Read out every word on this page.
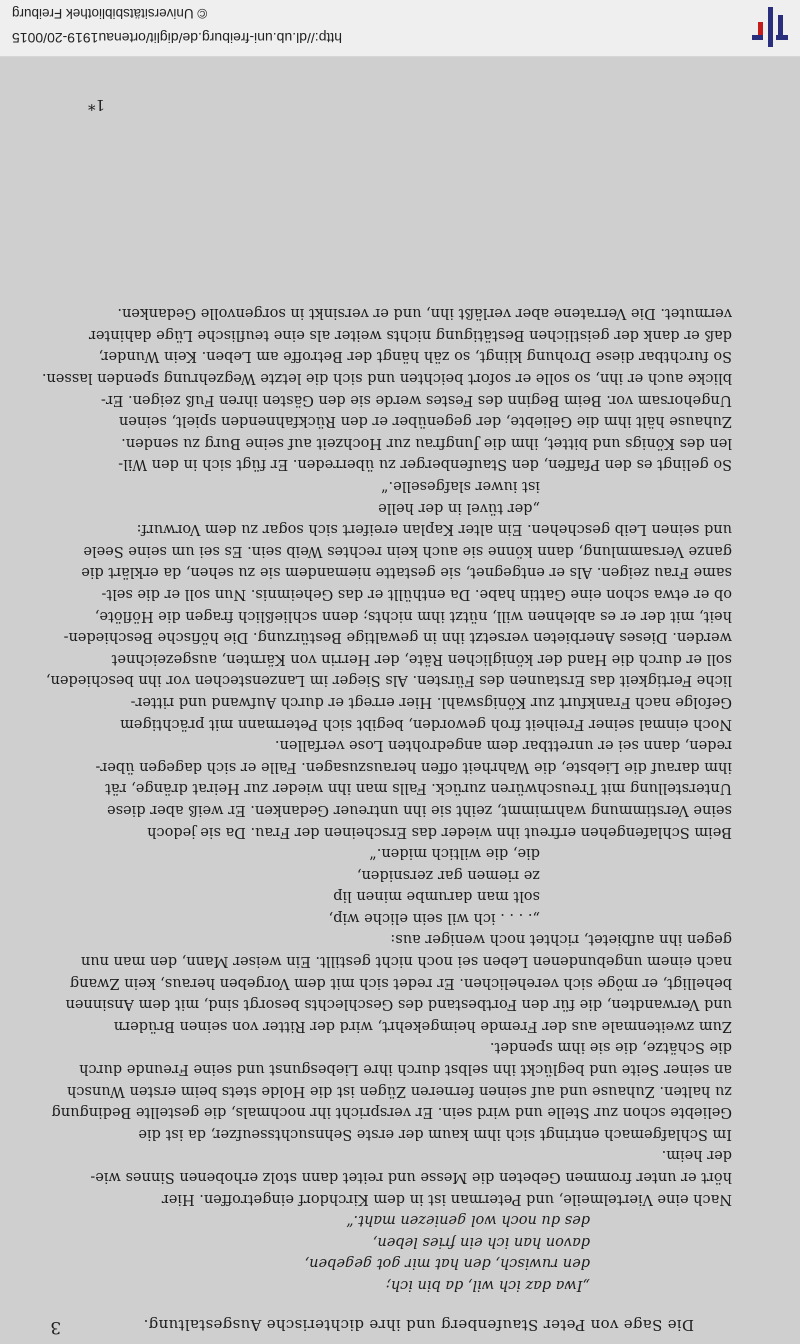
http://dl.ub.uni-freiburg.de/diglit/ortenau1919-20/0015
© Universitätsbibliothek Freiburg
Die Sage von Peter Staufenberg und ihre dichterische Ausgestaltung.
3

„Iwa daz ich wil, da bin ich;

den ruwisch, den hat mir got gegeben,

davon han ich ein fries leben,

des du noch wol geniezen maht.“

Nach eine Viertelmeile, und Peterman ist in dem Kirchdorf eingetroffen. Hier

hört er unter frommen Gebeten die Messe und reitet dann stolz erhobenen Sinnes wie-

der heim.

Im Schlafgemach entringt sich ihm kaum der erste Sehnsuchtsseufzer, da ist die

Geliebte schon zur Stelle und wird sein. Er verspricht ihr nochmals, die gestellte Bedingung

zu halten. Zuhause und auf seinen ferneren Zügen ist die Holde stets beim ersten Wunsch

an seiner Seite und beglückt ihn selbst durch ihre Liebesgunst und seine Freunde durch

die Schätze, die sie ihm spendet.

Zum zweitenmale aus der Fremde heimgekehrt, wird der Ritter von seinen Brüdern

und Verwandten, die für den Fortbestand des Geschlechts besorgt sind, mit dem Ansinnen

behelligt, er möge sich verehelichen. Er redet sich mit dem Vorgeben heraus, kein Zwang

nach einem ungebundenen Leben sei noch nicht gestillt. Ein weiser Mann, den man nun

gegen ihn aufbietet, richtet noch weniger aus:

„. . . . ich wil sein eliche wip,

solt man darumbe minen lip

ze riemen gar zersniden,

die, die wiltich miden.“

Beim Schlafengehen erfreut ihn wieder das Erscheinen der Frau. Da sie jedoch

seine Verstimmung wahrnimmt, zeiht sie ihn untreuer Gedanken. Er weiß aber diese

Unterstellung mit Treuschwüren zurück. Falls man ihn wieder zur Heirat dränge, rät

ihm darauf die Liebste, die Wahrheit offen herauszusagen. Falle er sich dagegen über-

reden, dann sei er unrettbar dem angedrohten Lose verfallen.

Noch einmal seiner Freiheit froh geworden, begibt sich Petermann mit prächtigem

Gefolge nach Frankfurt zur Königswahl. Hier erregt er durch Aufwand und ritter-

liche Fertigkeit das Erstaunen des Fürsten. Als Sieger im Lanzenstechen vor ihn beschieden,

soll er durch die Hand der königlichen Räte, der Herrin von Kärnten, ausgezeichnet

werden. Dieses Anerbieten versetzt ihn in gewaltige Bestürzung. Die höfische Beschieden-

heit, mit der er es ablehnen will, nützt ihm nichts; denn schließlich fragen die Höflöte,

ob er etwa schon eine Gattin habe. Da enthüllt er das Geheimnis. Nun soll er die selt-

same Frau zeigen. Als er entgegnet, sie gestatte niemandem sie zu sehen, da erklärt die

ganze Versammlung, dann könne sie auch kein rechtes Weib sein. Es sei um seine Seele

und seinen Leib geschehen. Ein alter Kaplan ereifert sich sogar zu dem Vorwurf:

„der tüvel in der helle

ist iuwer slafgeselle.“

So gelingt es den Pfaffen, den Staufenberger zu überreden. Er fügt sich in den Wil-

len des Königs und bittet, ihm die Jungfrau zur Hochzeit auf seine Burg zu senden.

Zuhause hält ihm die Geliebte, der gegenüber er den Rückfahnenden spielt, seinen

Ungehorsam vor. Beim Beginn des Festes werde sie den Gästen ihren Fuß zeigen. Er-

blicke auch er ihn, so solle er sofort beichten und sich die letzte Wegzehrung spenden lassen.

So furchtbar diese Drohung klingt, so zäh hängt der Betroffe am Leben. Kein Wunder,

daß er dank der geistlichen Bestätigung nichts weiter als eine teuflische Lüge dahinter

vermutet. Die Verratene aber verläßt ihn, und er versinkt in sorgenvolle Gedanken.

1*
